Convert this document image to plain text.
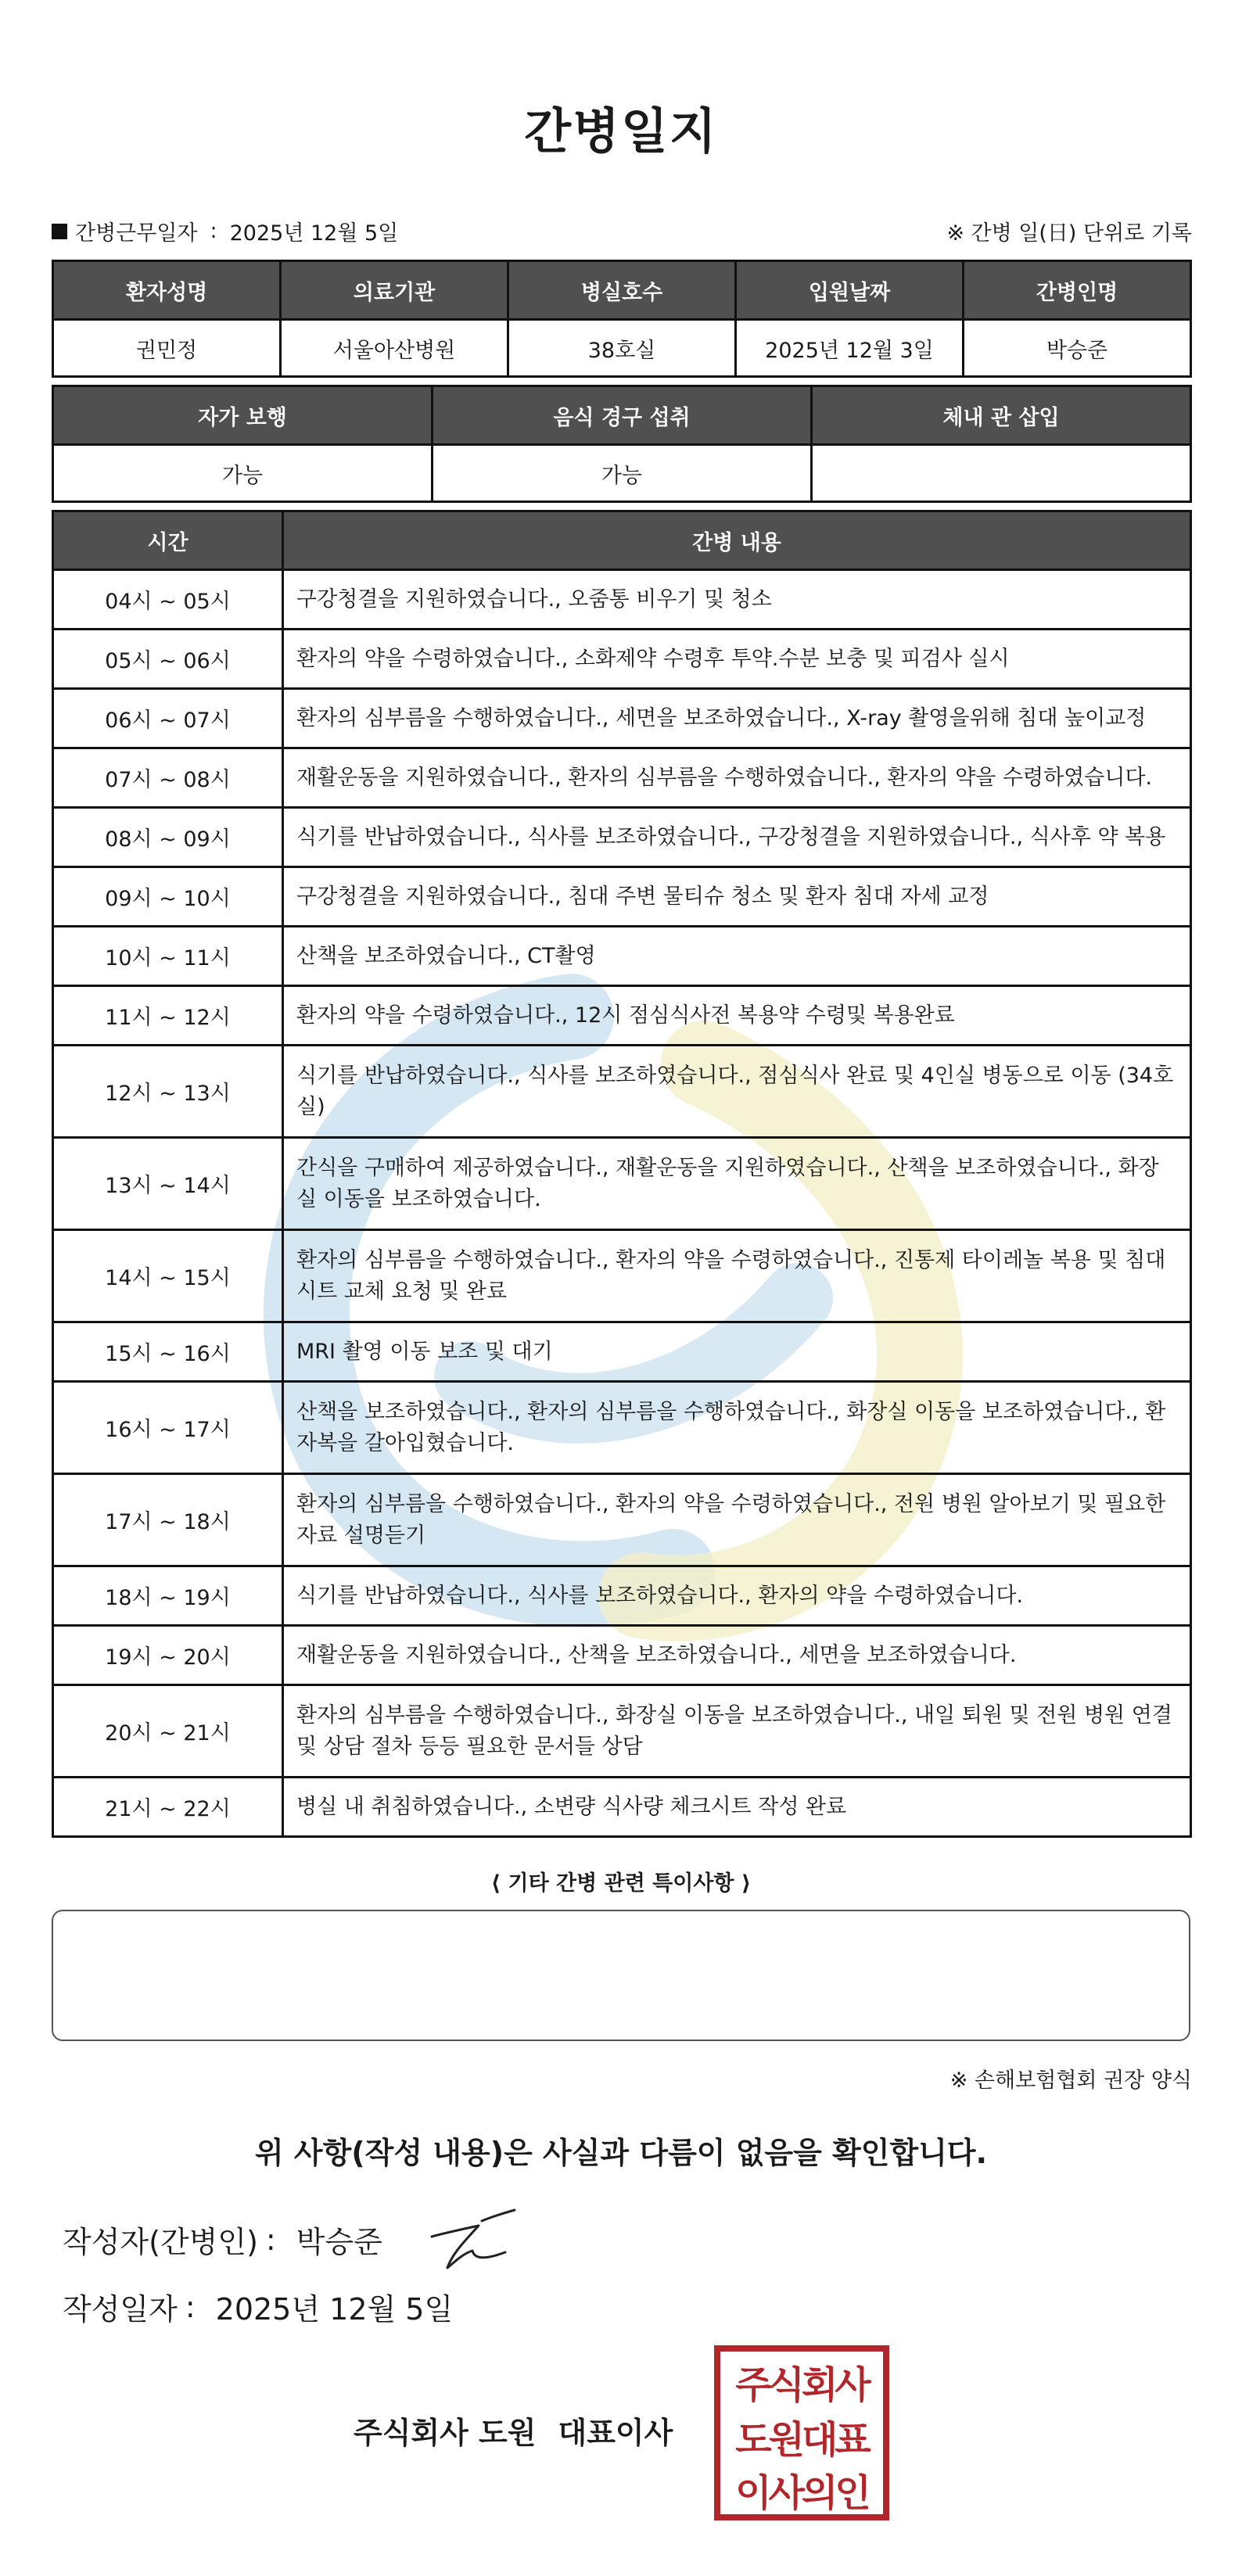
간병일지
간병근무일자 : 2025년 12월 5일	※ 간병 일(日) 단위로 기록
환자성명	의료기관	병실호수	입원날짜	간병인명
권민정	서울아산병원	38호실	2025년 12월 3일	박승준
자가 보행	음식 경구 섭취	체내 관 삽입
가능	가능	
시간	간병 내용
04시 ~ 05시	구강청결을 지원하였습니다., 오줌통 비우기 및 청소
05시 ~ 06시	환자의 약을 수령하였습니다., 소화제약 수령후 투약.수분 보충 및 피검사 실시
06시 ~ 07시	환자의 심부름을 수행하였습니다., 세면을 보조하였습니다., X-ray 촬영을위해 침대 높이교정
07시 ~ 08시	재활운동을 지원하였습니다., 환자의 심부름을 수행하였습니다., 환자의 약을 수령하였습니다.
08시 ~ 09시	식기를 반납하였습니다., 식사를 보조하였습니다., 구강청결을 지원하였습니다., 식사후 약 복용
09시 ~ 10시	구강청결을 지원하였습니다., 침대 주변 물티슈 청소 및 환자 침대 자세 교정
10시 ~ 11시	산책을 보조하였습니다., CT촬영
11시 ~ 12시	환자의 약을 수령하였습니다., 12시 점심식사전 복용약 수령및 복용완료
12시 ~ 13시	식기를 반납하였습니다., 식사를 보조하였습니다., 점심식사 완료 및 4인실 병동으로 이동 (34호실)
13시 ~ 14시	간식을 구매하여 제공하였습니다., 재활운동을 지원하였습니다., 산책을 보조하였습니다., 화장실 이동을 보조하였습니다.
14시 ~ 15시	환자의 심부름을 수행하였습니다., 환자의 약을 수령하였습니다., 진통제 타이레놀 복용 및 침대시트 교체 요청 및 완료
15시 ~ 16시	MRI 촬영 이동 보조 및 대기
16시 ~ 17시	산책을 보조하였습니다., 환자의 심부름을 수행하였습니다., 화장실 이동을 보조하였습니다., 환자복을 갈아입혔습니다.
17시 ~ 18시	환자의 심부름을 수행하였습니다., 환자의 약을 수령하였습니다., 전원 병원 알아보기 및 필요한 자료 설명듣기
18시 ~ 19시	식기를 반납하였습니다., 식사를 보조하였습니다., 환자의 약을 수령하였습니다.
19시 ~ 20시	재활운동을 지원하였습니다., 산책을 보조하였습니다., 세면을 보조하였습니다.
20시 ~ 21시	환자의 심부름을 수행하였습니다., 화장실 이동을 보조하였습니다., 내일 퇴원 및 전원 병원 연결 및 상담 절차 등등 필요한 문서들 상담
21시 ~ 22시	병실 내 취침하였습니다., 소변량 식사량 체크시트 작성 완료
⟨ 기타 간병 관련 특이사항 ⟩
※ 손해보험협회 권장 양식
위 사항(작성 내용)은 사실과 다름이 없음을 확인합니다.
작성자(간병인) : 박승준
작성일자 : 2025년 12월 5일
주식회사 도원 대표이사
주식회사
도원대표
이사의인
